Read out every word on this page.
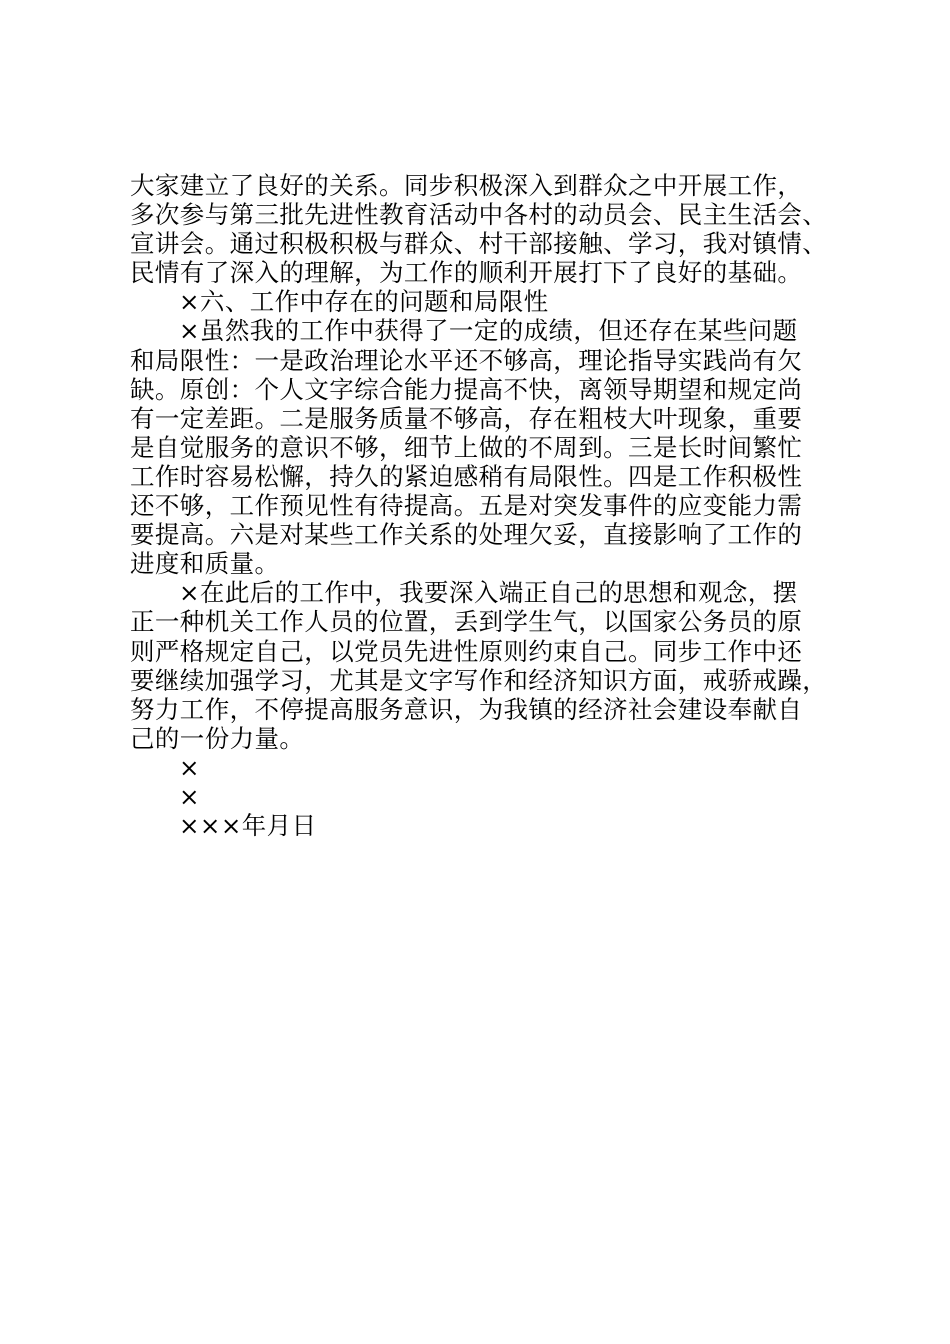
大家建立了良好的关系。同步积极深入到群众之中开展工作，
多次参与第三批先进性教育活动中各村的动员会、民主生活会、
宣讲会。通过积极积极与群众、村干部接触、学习，我对镇情、
民情有了深入的理解，为工作的顺利开展打下了良好的基础。

×六、工作中存在的问题和局限性

×虽然我的工作中获得了一定的成绩，但还存在某些问题
和局限性：一是政治理论水平还不够高，理论指导实践尚有欠
缺。原创：个人文字综合能力提高不快，离领导期望和规定尚
有一定差距。二是服务质量不够高，存在粗枝大叶现象，重要
是自觉服务的意识不够，细节上做的不周到。三是长时间繁忙
工作时容易松懈，持久的紧迫感稍有局限性。四是工作积极性
还不够，工作预见性有待提高。五是对突发事件的应变能力需
要提高。六是对某些工作关系的处理欠妥，直接影响了工作的
进度和质量。

×在此后的工作中，我要深入端正自己的思想和观念，摆
正一种机关工作人员的位置，丢到学生气，以国家公务员的原
则严格规定自己，以党员先进性原则约束自己。同步工作中还
要继续加强学习，尤其是文字写作和经济知识方面，戒骄戒躁，
努力工作，不停提高服务意识，为我镇的经济社会建设奉献自
己的一份力量。

×

×

×××年月日
